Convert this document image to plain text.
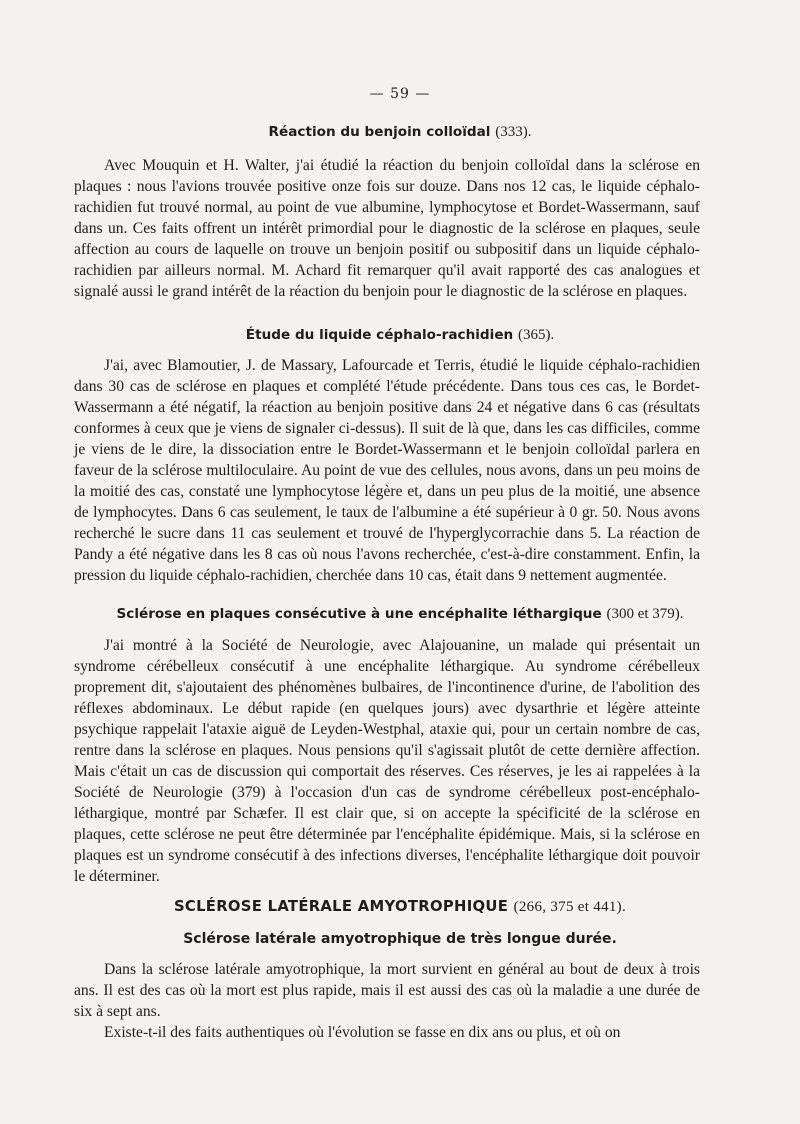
— 59 —
Réaction du benjoin colloïdal (333).

Avec Mouquin et H. Walter, j'ai étudié la réaction du benjoin colloïdal dans la sclérose en plaques : nous l'avions trouvée positive onze fois sur douze. Dans nos 12 cas, le liquide céphalo-rachidien fut trouvé normal, au point de vue albumine, lymphocytose et Bordet-Wassermann, sauf dans un. Ces faits offrent un intérêt primordial pour le diagnostic de la sclérose en plaques, seule affection au cours de laquelle on trouve un benjoin positif ou subpositif dans un liquide céphalo-rachidien par ailleurs normal. M. Achard fit remarquer qu'il avait rapporté des cas analogues et signalé aussi le grand intérêt de la réaction du benjoin pour le diagnostic de la sclérose en plaques.

Étude du liquide céphalo-rachidien (365).

J'ai, avec Blamoutier, J. de Massary, Lafourcade et Terris, étudié le liquide céphalo-rachidien dans 30 cas de sclérose en plaques et complété l'étude précédente. Dans tous ces cas, le Bordet-Wassermann a été négatif, la réaction au benjoin positive dans 24 et négative dans 6 cas (résultats conformes à ceux que je viens de signaler ci-dessus). Il suit de là que, dans les cas difficiles, comme je viens de le dire, la dissociation entre le Bordet-Wassermann et le benjoin colloïdal parlera en faveur de la sclérose multiloculaire. Au point de vue des cellules, nous avons, dans un peu moins de la moitié des cas, constaté une lymphocytose légère et, dans un peu plus de la moitié, une absence de lymphocytes. Dans 6 cas seulement, le taux de l'albumine a été supérieur à 0 gr. 50. Nous avons recherché le sucre dans 11 cas seulement et trouvé de l'hyperglycorrachie dans 5. La réaction de Pandy a été négative dans les 8 cas où nous l'avons recherchée, c'est-à-dire constamment. Enfin, la pression du liquide céphalo-rachidien, cherchée dans 10 cas, était dans 9 nettement augmentée.

Sclérose en plaques consécutive à une encéphalite léthargique (300 et 379).

J'ai montré à la Société de Neurologie, avec Alajouanine, un malade qui présentait un syndrome cérébelleux consécutif à une encéphalite léthargique. Au syndrome cérébelleux proprement dit, s'ajoutaient des phénomènes bulbaires, de l'incontinence d'urine, de l'abolition des réflexes abdominaux. Le début rapide (en quelques jours) avec dysarthrie et légère atteinte psychique rappelait l'ataxie aiguë de Leyden-Westphal, ataxie qui, pour un certain nombre de cas, rentre dans la sclérose en plaques. Nous pensions qu'il s'agissait plutôt de cette dernière affection. Mais c'était un cas de discussion qui comportait des réserves. Ces réserves, je les ai rappelées à la Société de Neurologie (379) à l'occasion d'un cas de syndrome cérébelleux post-encéphalo-léthargique, montré par Schæfer. Il est clair que, si on accepte la spécificité de la sclérose en plaques, cette sclérose ne peut être déterminée par l'encéphalite épidémique. Mais, si la sclérose en plaques est un syndrome consécutif à des infections diverses, l'encéphalite léthargique doit pouvoir le déterminer.

SCLÉROSE LATÉRALE AMYOTROPHIQUE (266, 375 et 441).
Sclérose latérale amyotrophique de très longue durée.

Dans la sclérose latérale amyotrophique, la mort survient en général au bout de deux à trois ans. Il est des cas où la mort est plus rapide, mais il est aussi des cas où la maladie a une durée de six à sept ans.

Existe-t-il des faits authentiques où l'évolution se fasse en dix ans ou plus, et où on
